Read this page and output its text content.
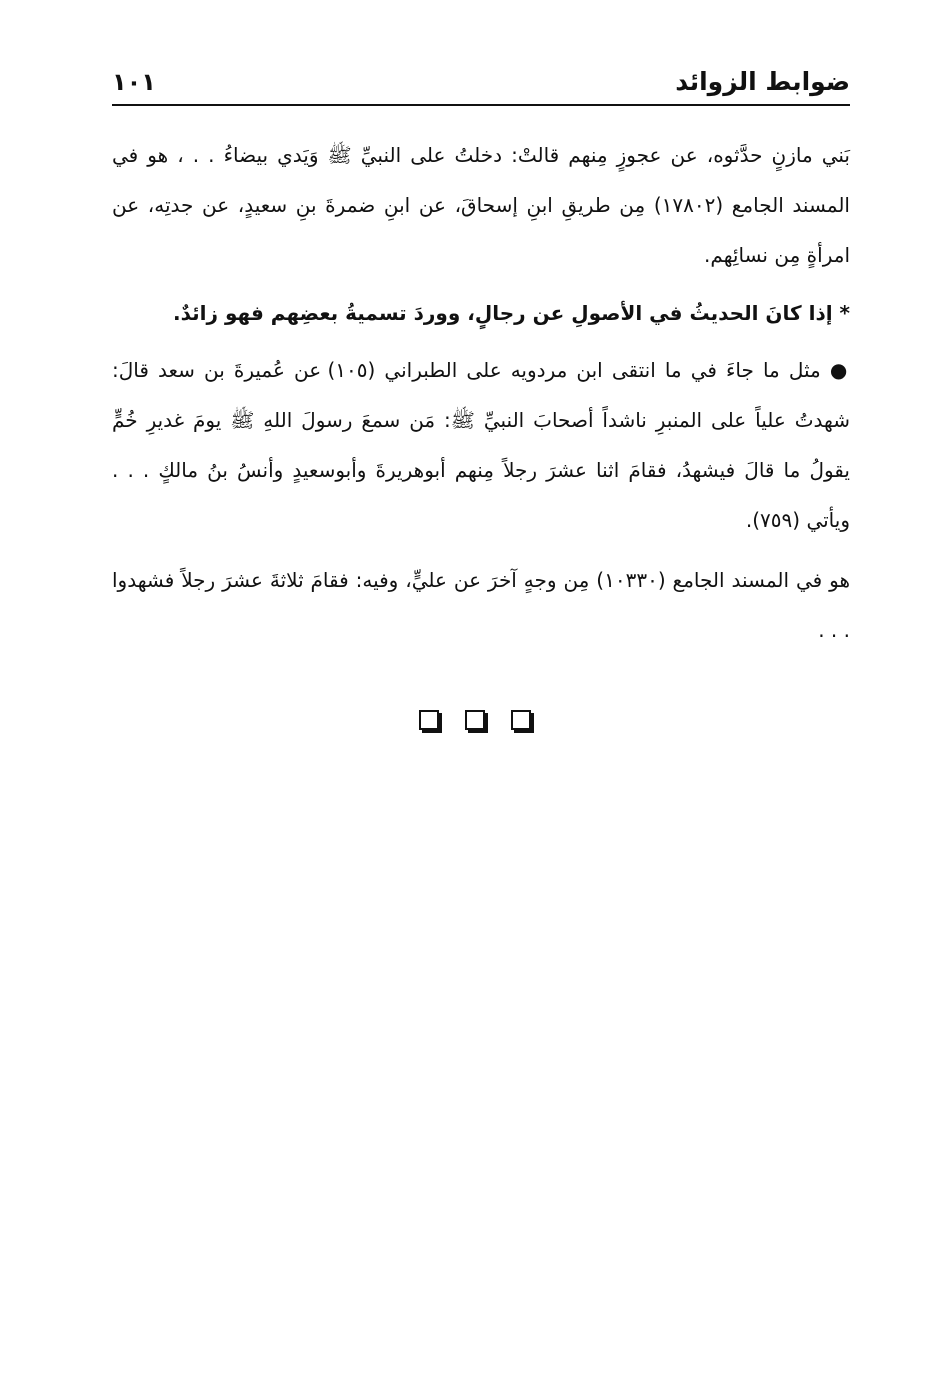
ضوابط الزوائد
١٠١

بَني مازنٍ حدَّثوه، عن عجوزٍ مِنهم قالتْ: دخلتُ على النبيِّ ﷺ وَيَدي بيضاءُ . . ، هو في المسند الجامع (١٧٨٠٢) مِن طريقِ ابنِ إسحاقَ، عن ابنِ ضمرةَ بنِ سعيدٍ، عن جدتِه، عن امرأةٍ مِن نسائِهم.

* إذا كانَ الحديثُ في الأصولِ عن رجالٍ، ووردَ تسميةُ بعضِهم فهو زائدٌ.

● مثل ما جاءَ في ما انتقى ابن مردويه على الطبراني (١٠٥) عن عُميرةَ بن سعد قالَ: شهدتُ علياً على المنبرِ ناشداً أصحابَ النبيِّ ﷺ: مَن سمعَ رسولَ اللهِ ﷺ يومَ غديرِ خُمٍّ يقولُ ما قالَ فيشهدُ، فقامَ اثنا عشرَ رجلاً مِنهم أبوهريرةَ وأبوسعيدٍ وأنسُ بنُ مالكٍ . . . ويأتي (٧٥٩).

هو في المسند الجامع (١٠٣٣٠) مِن وجهٍ آخرَ عن عليٍّ، وفيه: فقامَ ثلاثةَ عشرَ رجلاً فشهدوا . . .
